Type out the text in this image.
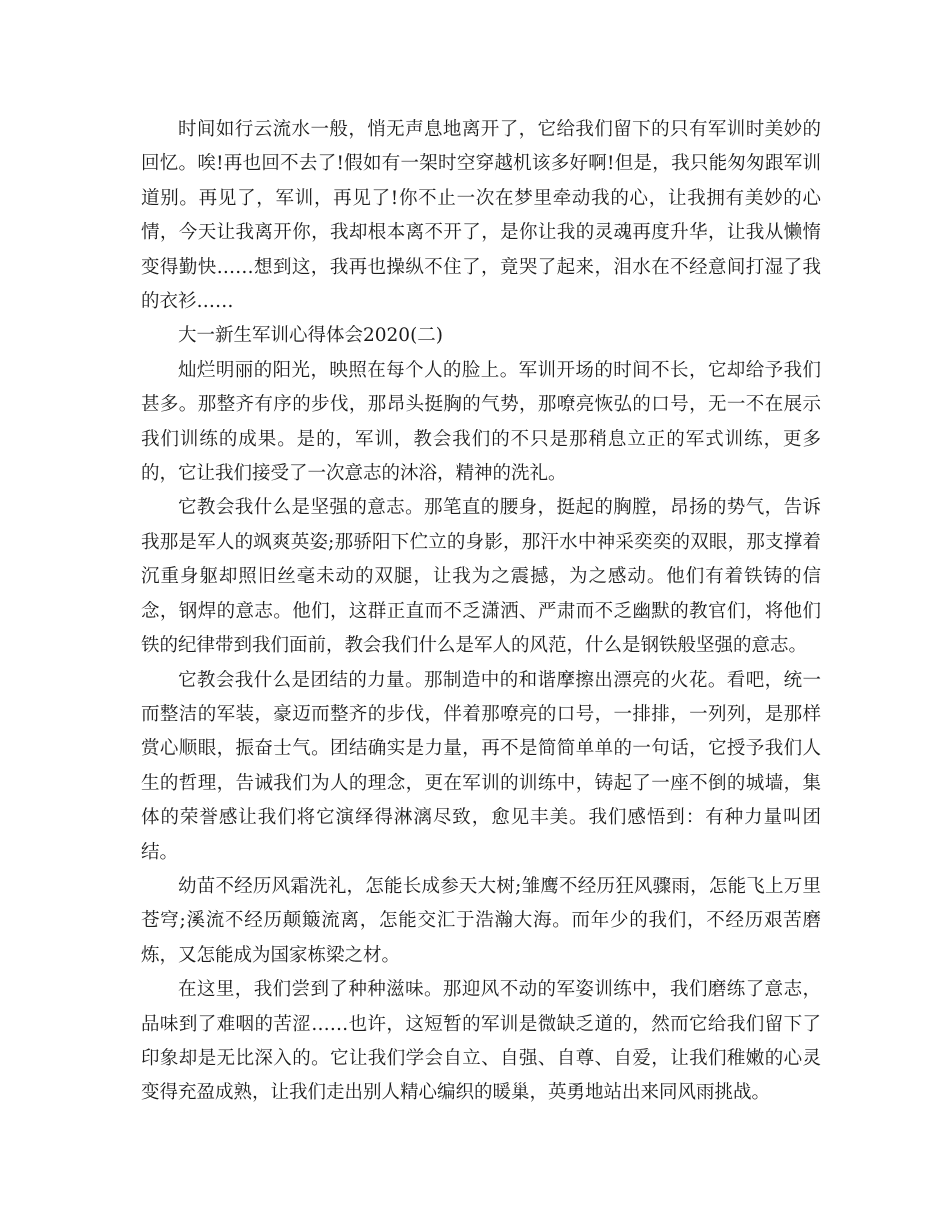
时间如行云流水一般，悄无声息地离开了，它给我们留下的只有军训时美妙的回忆。唉!再也回不去了!假如有一架时空穿越机该多好啊!但是，我只能匆匆跟军训道别。再见了，军训，再见了!你不止一次在梦里牵动我的心，让我拥有美妙的心情，今天让我离开你，我却根本离不开了，是你让我的灵魂再度升华，让我从懒惰变得勤快……想到这，我再也操纵不住了，竟哭了起来，泪水在不经意间打湿了我的衣衫……

大一新生军训心得体会2020(二)

灿烂明丽的阳光，映照在每个人的脸上。军训开场的时间不长，它却给予我们甚多。那整齐有序的步伐，那昂头挺胸的气势，那嘹亮恢弘的口号，无一不在展示我们训练的成果。是的，军训，教会我们的不只是那稍息立正的军式训练，更多的，它让我们接受了一次意志的沐浴，精神的洗礼。

它教会我什么是坚强的意志。那笔直的腰身，挺起的胸膛，昂扬的势气，告诉我那是军人的飒爽英姿;那骄阳下伫立的身影，那汗水中神采奕奕的双眼，那支撑着沉重身躯却照旧丝毫未动的双腿，让我为之震撼，为之感动。他们有着铁铸的信念，钢焊的意志。他们，这群正直而不乏潇洒、严肃而不乏幽默的教官们，将他们铁的纪律带到我们面前，教会我们什么是军人的风范，什么是钢铁般坚强的意志。

它教会我什么是团结的力量。那制造中的和谐摩擦出漂亮的火花。看吧，统一而整洁的军装，豪迈而整齐的步伐，伴着那嘹亮的口号，一排排，一列列，是那样赏心顺眼，振奋士气。团结确实是力量，再不是简简单单的一句话，它授予我们人生的哲理，告诫我们为人的理念，更在军训的训练中，铸起了一座不倒的城墙，集体的荣誉感让我们将它演绎得淋漓尽致，愈见丰美。我们感悟到：有种力量叫团结。

幼苗不经历风霜洗礼，怎能长成参天大树;雏鹰不经历狂风骤雨，怎能飞上万里苍穹;溪流不经历颠簸流离，怎能交汇于浩瀚大海。而年少的我们，不经历艰苦磨炼，又怎能成为国家栋梁之材。

在这里，我们尝到了种种滋味。那迎风不动的军姿训练中，我们磨练了意志，品味到了难咽的苦涩……也许，这短暂的军训是微缺乏道的，然而它给我们留下了印象却是无比深入的。它让我们学会自立、自强、自尊、自爱，让我们稚嫩的心灵变得充盈成熟，让我们走出别人精心编织的暖巢，英勇地站出来同风雨挑战。
